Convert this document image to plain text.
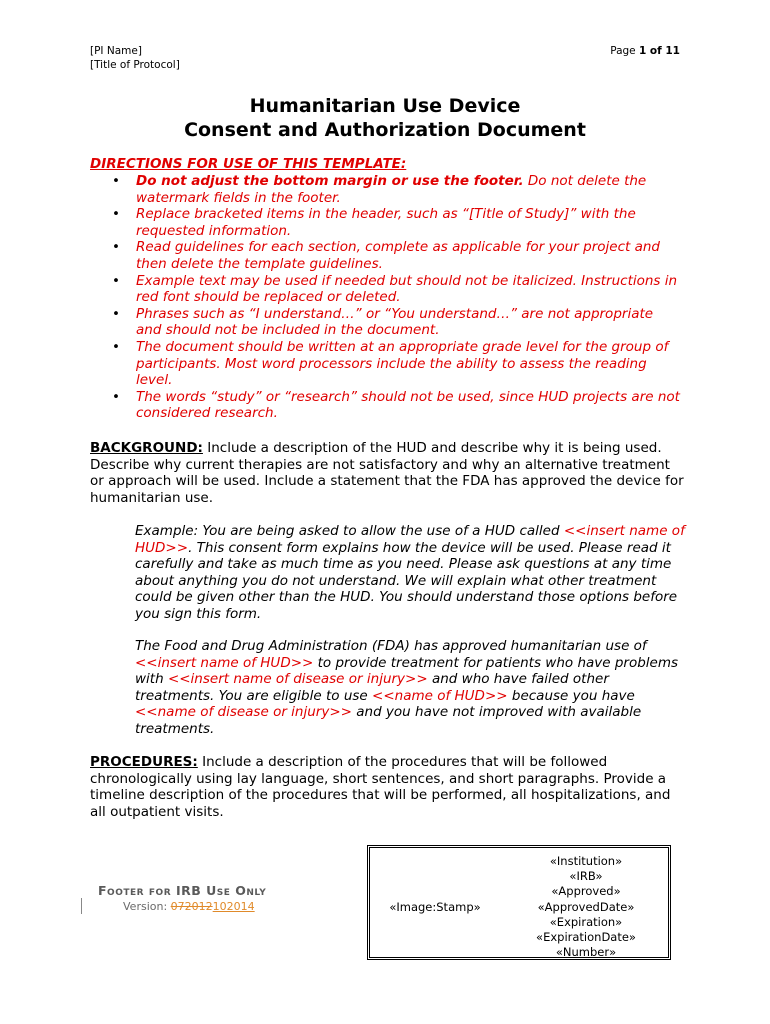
[PI Name]
[Title of Protocol]
Page 1 of 11
Humanitarian Use Device
Consent and Authorization Document
DIRECTIONS FOR USE OF THIS TEMPLATE:
• Do not adjust the bottom margin or use the footer. Do not delete the watermark fields in the footer.
• Replace bracketed items in the header, such as “[Title of Study]” with the requested information.
• Read guidelines for each section, complete as applicable for your project and then delete the template guidelines.
• Example text may be used if needed but should not be italicized. Instructions in red font should be replaced or deleted.
• Phrases such as “I understand…” or “You understand…” are not appropriate and should not be included in the document.
• The document should be written at an appropriate grade level for the group of participants. Most word processors include the ability to assess the reading level.
• The words “study” or “research” should not be used, since HUD projects are not considered research.
BACKGROUND: Include a description of the HUD and describe why it is being used. Describe why current therapies are not satisfactory and why an alternative treatment or approach will be used. Include a statement that the FDA has approved the device for humanitarian use.
Example: You are being asked to allow the use of a HUD called <<insert name of HUD>>. This consent form explains how the device will be used. Please read it carefully and take as much time as you need. Please ask questions at any time about anything you do not understand. We will explain what other treatment could be given other than the HUD. You should understand those options before you sign this form.
The Food and Drug Administration (FDA) has approved humanitarian use of <<insert name of HUD>> to provide treatment for patients who have problems with <<insert name of disease or injury>> and who have failed other treatments. You are eligible to use <<name of HUD>> because you have <<name of disease or injury>> and you have not improved with available treatments.
PROCEDURES: Include a description of the procedures that will be followed chronologically using lay language, short sentences, and short paragraphs. Provide a timeline description of the procedures that will be performed, all hospitalizations, and all outpatient visits.
Footer for IRB Use Only
Version: 072012102014	«Image:Stamp»
«Institution»
«IRB»
«Approved»
«ApprovedDate»
«Expiration»
«ExpirationDate»
«Number»
